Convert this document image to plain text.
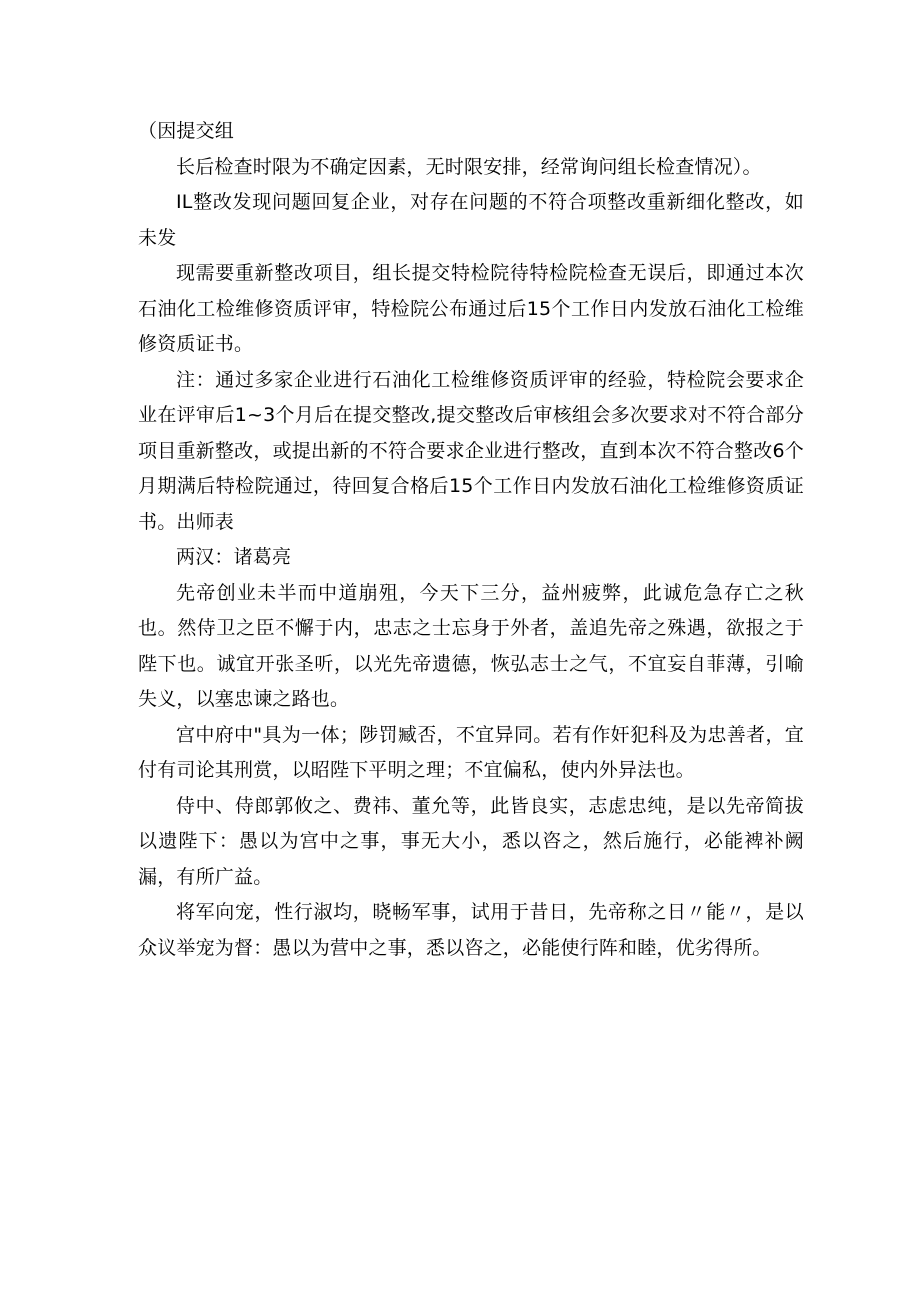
（因提交组

长后检查时限为不确定因素，无时限安排，经常询问组长检查情况）。

IL整改发现问题回复企业，对存在问题的不符合项整改重新细化整改，如未发

现需要重新整改项目，组长提交特检院待特检院检查无误后，即通过本次石油化工检维修资质评审，特检院公布通过后15个工作日内发放石油化工检维修资质证书。

注：通过多家企业进行石油化工检维修资质评审的经验，特检院会要求企业在评审后1~3个月后在提交整改,提交整改后审核组会多次要求对不符合部分项目重新整改，或提出新的不符合要求企业进行整改，直到本次不符合整改6个月期满后特检院通过，待回复合格后15个工作日内发放石油化工检维修资质证书。出师表

两汉：诸葛亮

先帝创业未半而中道崩殂，今天下三分，益州疲弊，此诚危急存亡之秋也。然侍卫之臣不懈于内，忠志之士忘身于外者，盖追先帝之殊遇，欲报之于陛下也。诚宜开张圣听，以光先帝遗德，恢弘志士之气，不宜妄自菲薄，引喻失义，以塞忠谏之路也。

宫中府中"具为一体；陟罚臧否，不宜异同。若有作奸犯科及为忠善者，宜付有司论其刑赏，以昭陛下平明之理；不宜偏私，使内外异法也。

侍中、侍郎郭攸之、费祎、董允等，此皆良实，志虑忠纯，是以先帝简拔以遗陛下：愚以为宫中之事，事无大小，悉以咨之，然后施行，必能裨补阙漏，有所广益。

将军向宠，性行淑均，晓畅军事，试用于昔日，先帝称之日〃能〃，是以众议举宠为督：愚以为营中之事，悉以咨之，必能使行阵和睦，优劣得所。
